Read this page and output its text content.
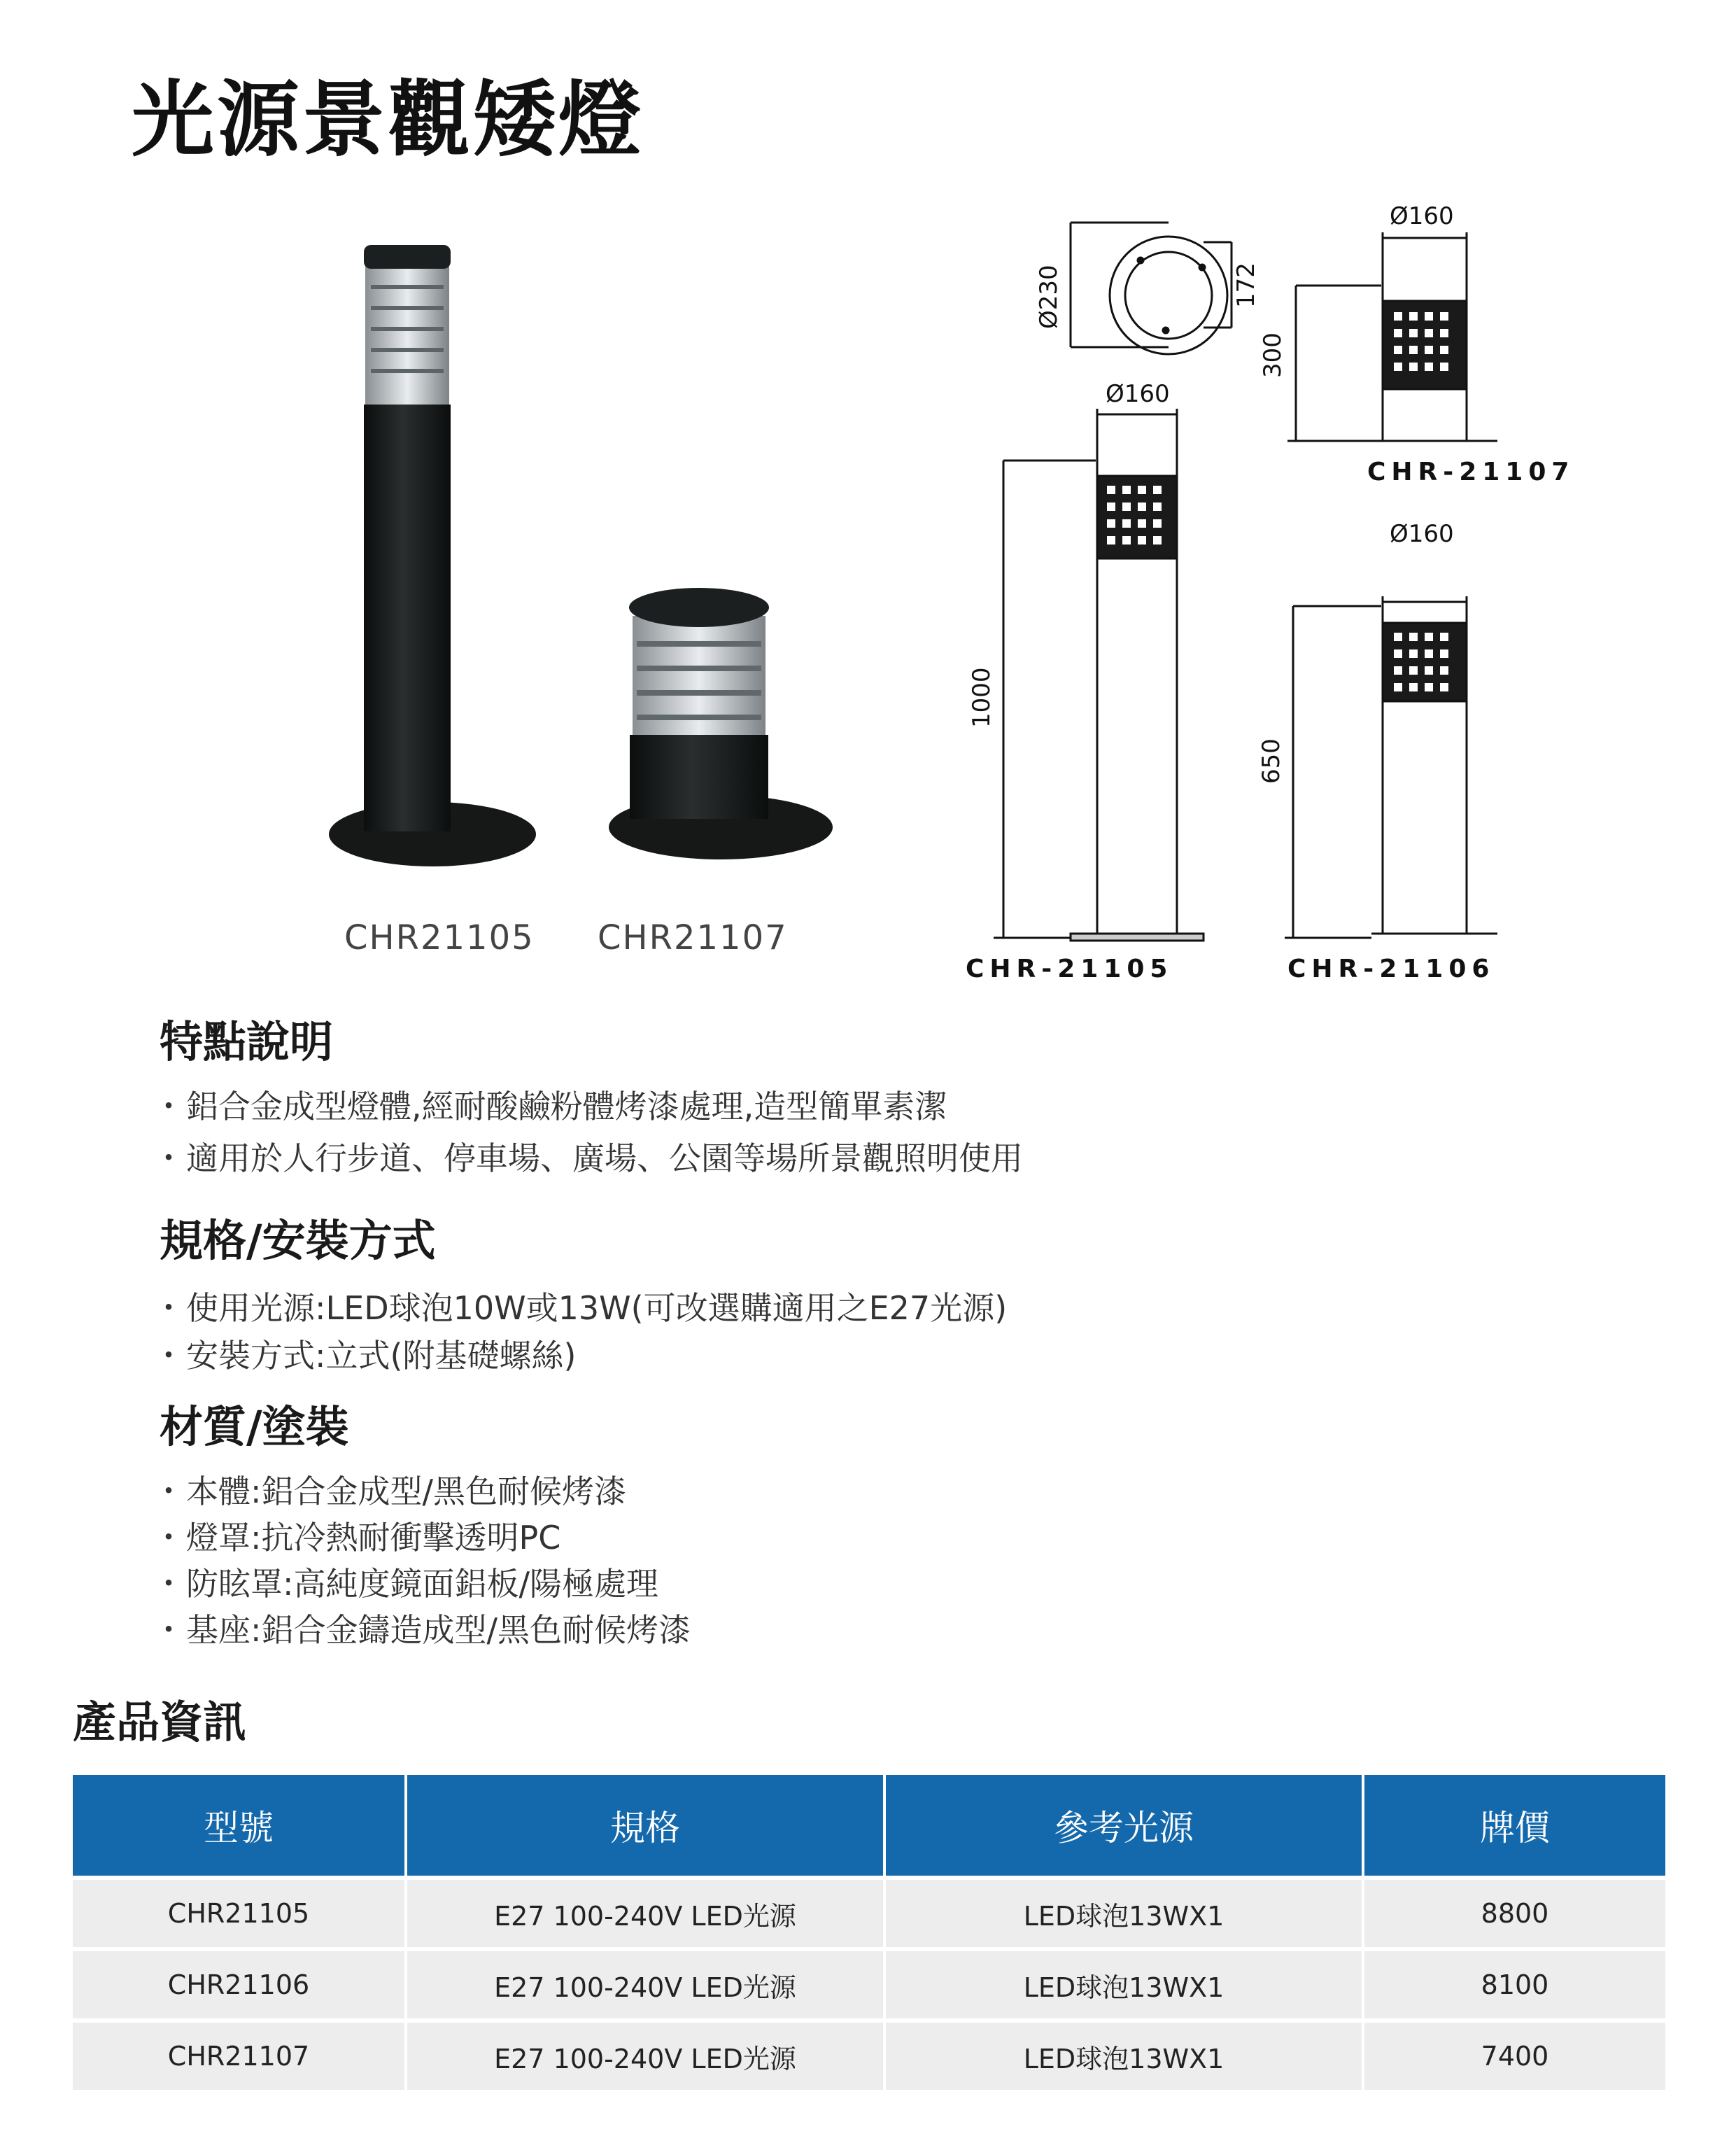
光源景觀矮燈
CHR21105 CHR21107
Ø230	172
Ø160
300
CHR-21107
Ø160
1000
CHR-21105
Ø160
650
CHR-21106
特點說明
・鋁合金成型燈體,經耐酸鹼粉體烤漆處理,造型簡單素潔
・適用於人行步道、停車場、廣場、公園等場所景觀照明使用
規格/安裝方式
・使用光源:LED球泡10W或13W(可改選購適用之E27光源)
・安裝方式:立式(附基礎螺絲)
材質/塗裝
・本體:鋁合金成型/黑色耐候烤漆
・燈罩:抗冷熱耐衝擊透明PC
・防眩罩:高純度鏡面鋁板/陽極處理
・基座:鋁合金鑄造成型/黑色耐候烤漆
產品資訊
型號	規格	參考光源	牌價
CHR21105	E27 100-240V LED光源	LED球泡13WX1	8800
CHR21106	E27 100-240V LED光源	LED球泡13WX1	8100
CHR21107	E27 100-240V LED光源	LED球泡13WX1	7400
